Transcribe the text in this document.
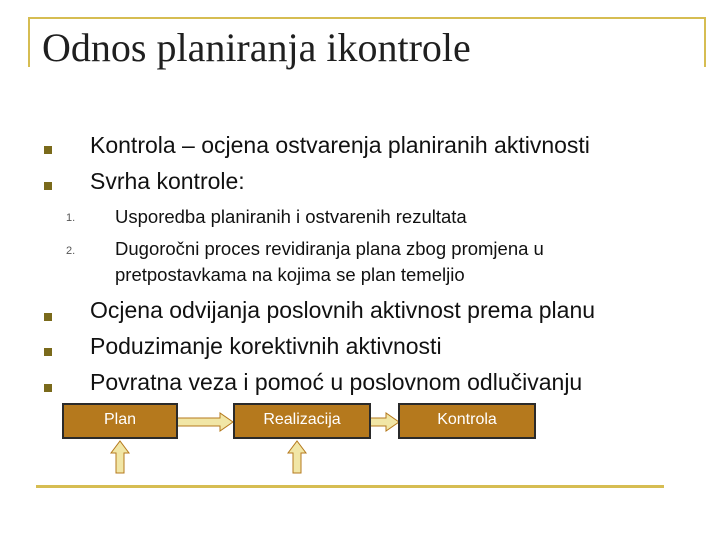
Odnos planiranja ikontrole
Kontrola – ocjena ostvarenja planiranih aktivnosti
Svrha kontrole:
1. Usporedba planiranih i ostvarenih rezultata
2. Dugoročni proces revidiranja plana zbog promjena u
pretpostavkama na kojima se plan temeljio
Ocjena odvijanja poslovnih aktivnost prema planu
Poduzimanje korektivnih aktivnosti
Povratna veza i pomoć u poslovnom odlučivanju
Plan	Realizacija	Kontrola
